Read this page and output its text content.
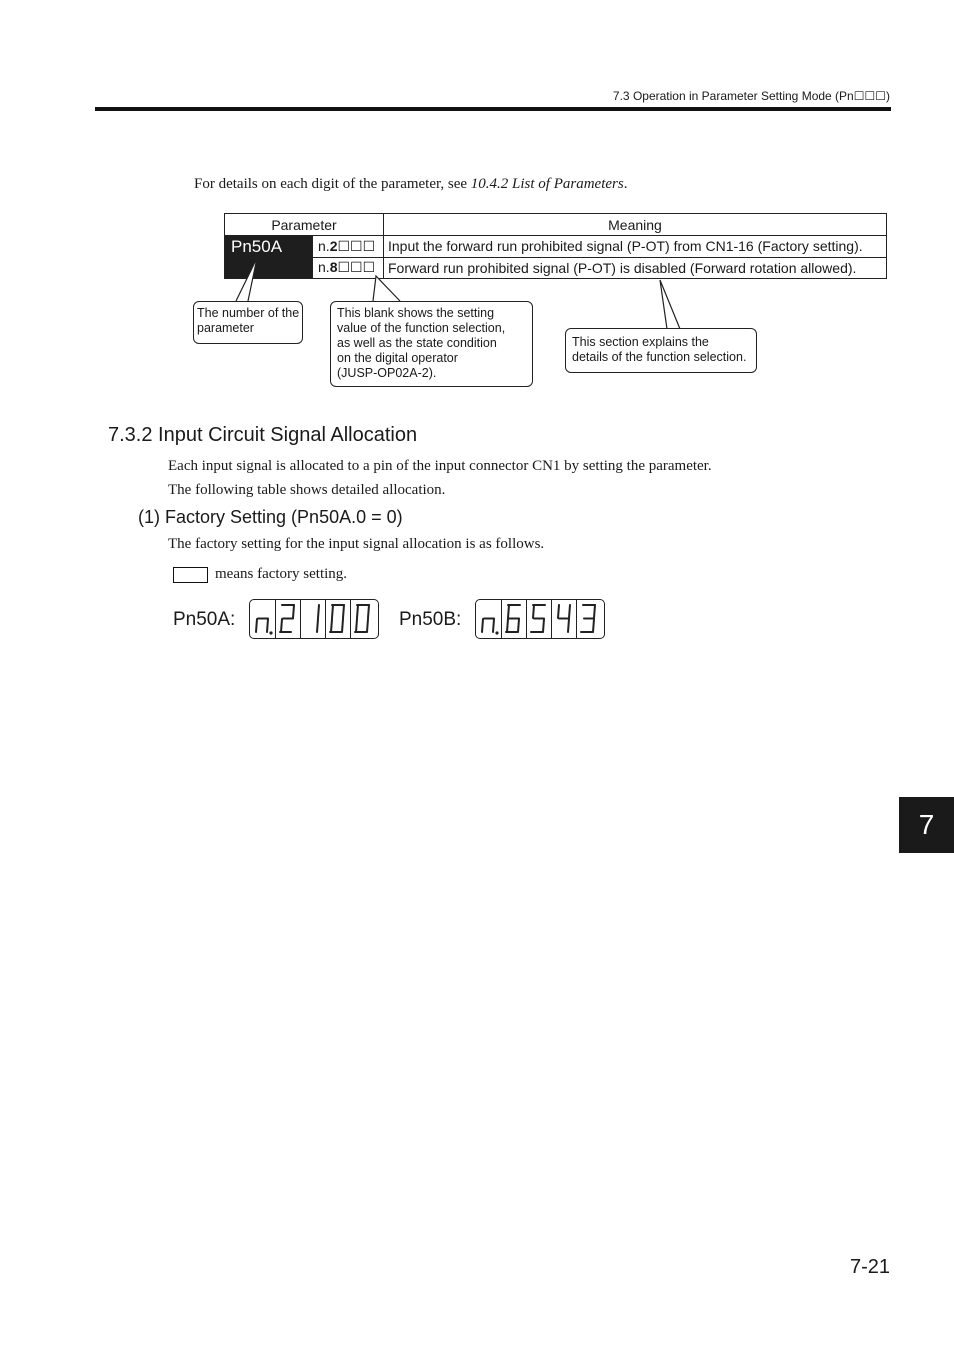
7.3 Operation in Parameter Setting Mode (Pn☐☐☐)
For details on each digit of the parameter, see 10.4.2 List of Parameters.
Parameter		Meaning
Pn50A	n.2☐☐☐	Input the forward run prohibited signal (P-OT) from CN1-16 (Factory setting).
	n.8☐☐☐	Forward run prohibited signal (P-OT) is disabled (Forward rotation allowed).
The number of the
parameter
This blank shows the setting
value of the function selection,
as well as the state condition
on the digital operator
(JUSP-OP02A-2).
This section explains the
details of the function selection.
7.3.2 Input Circuit Signal Allocation
Each input signal is allocated to a pin of the input connector CN1 by setting the parameter.
The following table shows detailed allocation.
(1) Factory Setting (Pn50A.0 = 0)
The factory setting for the input signal allocation is as follows.
means factory setting.
Pn50A:	Pn50B:
7
7-21
